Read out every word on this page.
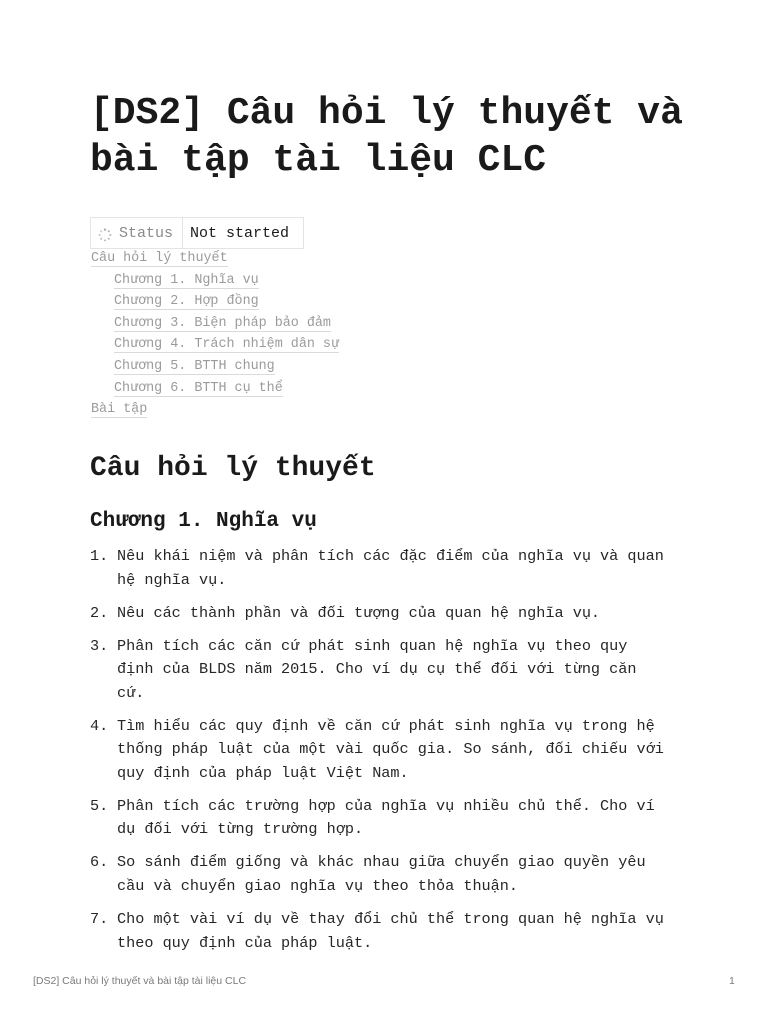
[DS2] Câu hỏi lý thuyết và bài tập tài liệu CLC
Status	Not started
Câu hỏi lý thuyết
Chương 1. Nghĩa vụ
Chương 2. Hợp đồng
Chương 3. Biện pháp bảo đảm
Chương 4. Trách nhiệm dân sự
Chương 5. BTTH chung
Chương 6. BTTH cụ thể
Bài tập
Câu hỏi lý thuyết
Chương 1. Nghĩa vụ
1. Nêu khái niệm và phân tích các đặc điểm của nghĩa vụ và quan hệ nghĩa vụ.
2. Nêu các thành phần và đối tượng của quan hệ nghĩa vụ.
3. Phân tích các căn cứ phát sinh quan hệ nghĩa vụ theo quy định của BLDS năm 2015. Cho ví dụ cụ thể đối với từng căn cứ.
4. Tìm hiểu các quy định về căn cứ phát sinh nghĩa vụ trong hệ thống pháp luật của một vài quốc gia. So sánh, đối chiếu với quy định của pháp luật Việt Nam.
5. Phân tích các trường hợp của nghĩa vụ nhiều chủ thể. Cho ví dụ đối với từng trường hợp.
6. So sánh điểm giống và khác nhau giữa chuyển giao quyền yêu cầu và chuyển giao nghĩa vụ theo thỏa thuận.
7. Cho một vài ví dụ về thay đổi chủ thể trong quan hệ nghĩa vụ theo quy định của pháp luật.
[DS2] Câu hỏi lý thuyết và bài tập tài liệu CLC	1
